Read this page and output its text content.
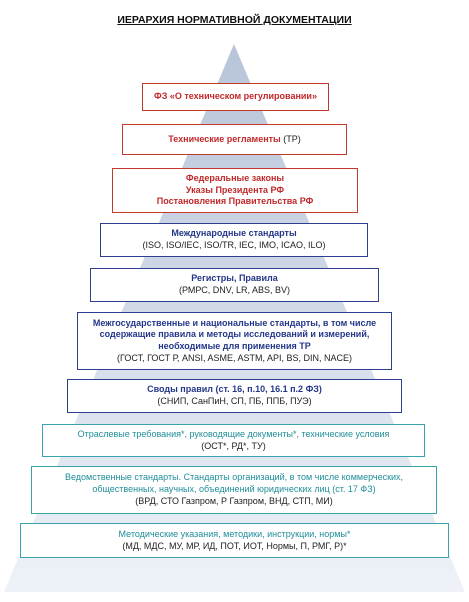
ИЕРАРХИЯ НОРМАТИВНОЙ ДОКУМЕНТАЦИИ
ФЗ «О техническом регулировании»
Технические регламенты (ТР)
Федеральные законы
Указы Президента РФ
Постановления Правительства РФ
Международные стандарты
(ISO, ISO/IEC, ISO/TR, IEC, IMO, ICAO, ILO)
Регистры, Правила
(РМРС, DNV, LR, ABS, BV)
Межгосударственные и национальные стандарты, в том числе
содержащие правила и методы исследований и измерений,
необходимые для применения ТР
(ГОСТ, ГОСТ Р, ANSI, ASME, ASTM, API, BS, DIN, NACE)
Своды правил (ст. 16, п.10, 16.1 п.2 ФЗ)
(СНИП, СанПиН, СП, ПБ, ППБ, ПУЭ)
Отраслевые требования*, руководящие документы*, технические условия
(ОСТ*, РД*, ТУ)
Ведомственные стандарты. Стандарты организаций, в том числе коммерческих,
общественных, научных, объединений юридических лиц (ст. 17 ФЗ)
(ВРД, СТО Газпром, Р Газпром, ВНД, СТП, МИ)
Методические указания, методики, инструкции, нормы*
(МД, МДС, МУ, МР, ИД, ПОТ, ИОТ, Нормы, П, РМГ, Р)*
